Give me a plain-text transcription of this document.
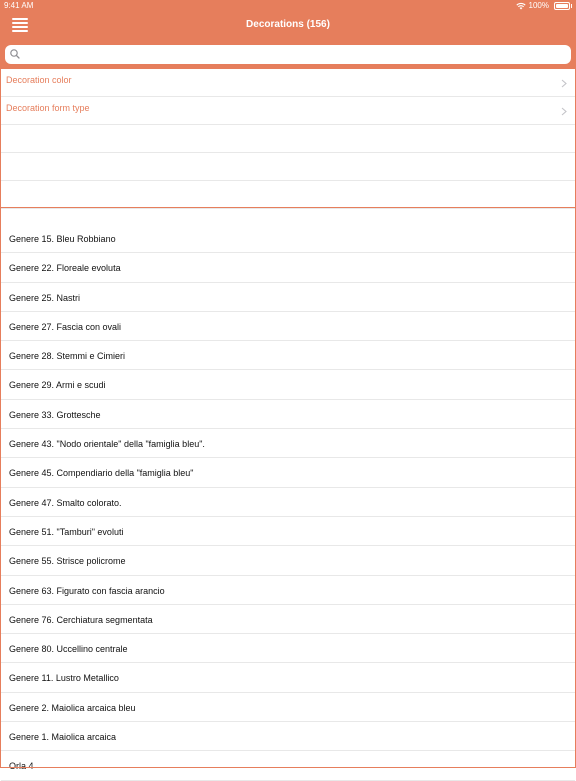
9:41 AM	100%
Decorations (156)
Decoration color
Decoration form type
Genere 15. Bleu Robbiano
Genere 22. Floreale evoluta
Genere 25. Nastri
Genere 27. Fascia con ovali
Genere 28. Stemmi e Cimieri
Genere 29. Armi e scudi
Genere 33. Grottesche
Genere 43. "Nodo orientale" della "famiglia bleu".
Genere 45. Compendiario della "famiglia bleu"
Genere 47. Smalto colorato.
Genere 51. "Tamburi" evoluti
Genere 55. Strisce policrome
Genere 63. Figurato con fascia arancio
Genere 76. Cerchiatura segmentata
Genere 80. Uccellino centrale
Genere 11. Lustro Metallico
Genere 2. Maiolica arcaica bleu
Genere 1. Maiolica arcaica
Orla 4
